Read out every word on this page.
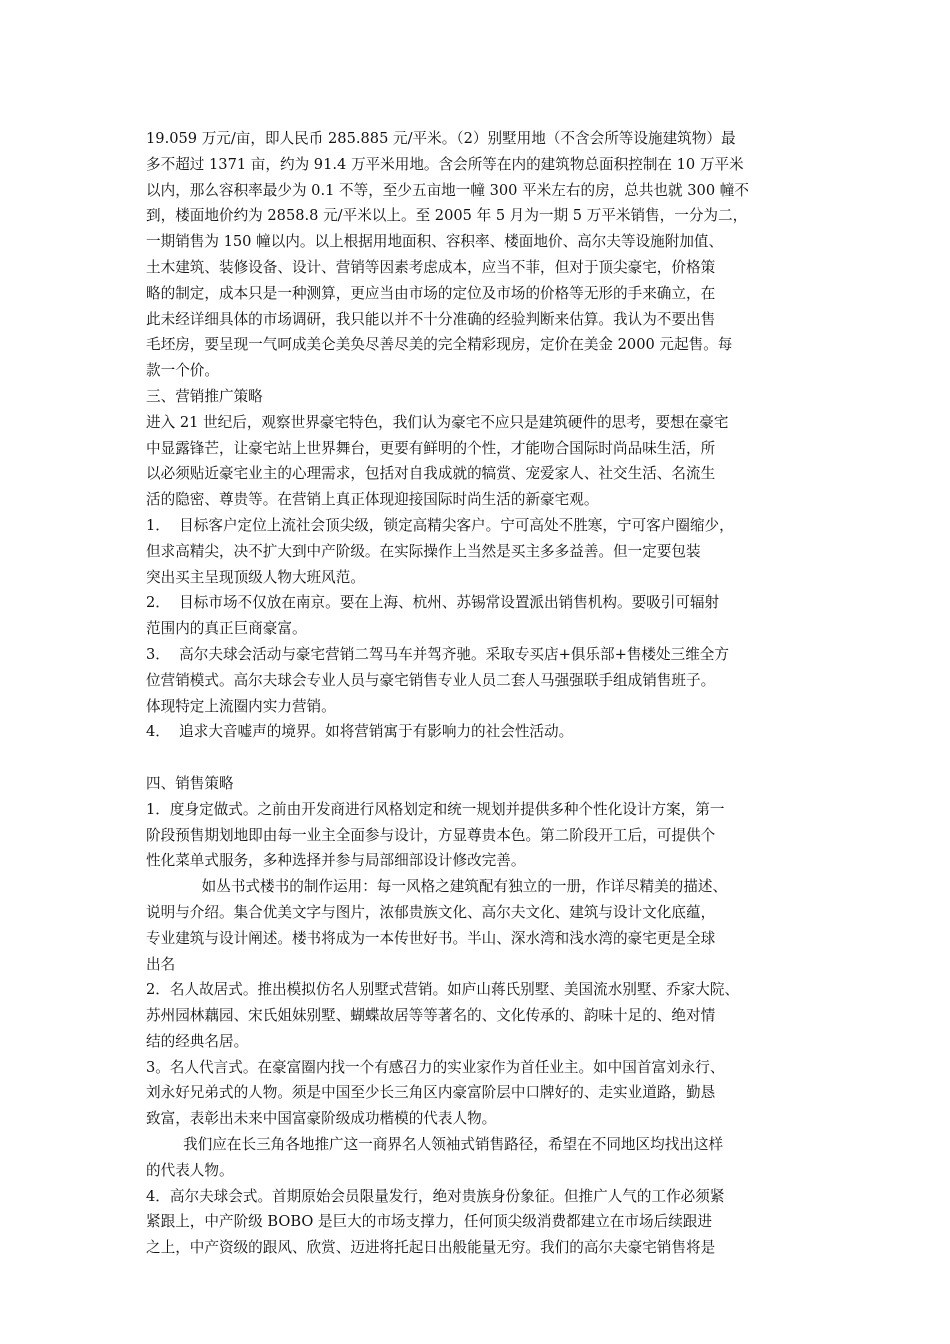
19.059 万元/亩，即人民币 285.885 元/平米。（2）别墅用地（不含会所等设施建筑物）最
多不超过 1371 亩，约为 91.4 万平米用地。含会所等在内的建筑物总面积控制在 10 万平米
以内，那么容积率最少为 0.1 不等，至少五亩地一幢 300 平米左右的房，总共也就 300 幢不
到，楼面地价约为 2858.8 元/平米以上。至 2005 年 5 月为一期 5 万平米销售，一分为二，
一期销售为 150 幢以内。以上根据用地面积、容积率、楼面地价、高尔夫等设施附加值、
土木建筑、装修设备、设计、营销等因素考虑成本，应当不菲，但对于顶尖豪宅，价格策
略的制定，成本只是一种测算，更应当由市场的定位及市场的价格等无形的手来确立，在
此未经详细具体的市场调研，我只能以并不十分准确的经验判断来估算。我认为不要出售
毛坯房，要呈现一气呵成美仑美奂尽善尽美的完全精彩现房，定价在美金 2000 元起售。每
款一个价。
三、营销推广策略
进入 21 世纪后，观察世界豪宅特色，我们认为豪宅不应只是建筑硬件的思考，要想在豪宅
中显露锋芒，让豪宅站上世界舞台，更要有鲜明的个性，才能吻合国际时尚品味生活，所
以必须贴近豪宅业主的心理需求，包括对自我成就的犒赏、宠爱家人、社交生活、名流生
活的隐密、尊贵等。在营销上真正体现迎接国际时尚生活的新豪宅观。
1．  目标客户定位上流社会顶尖级，锁定高精尖客户。宁可高处不胜寒，宁可客户圈缩少，
但求高精尖，决不扩大到中产阶级。在实际操作上当然是买主多多益善。但一定要包装
突出买主呈现顶级人物大班风范。
2．  目标市场不仅放在南京。要在上海、杭州、苏锡常设置派出销售机构。要吸引可辐射
范围内的真正巨商豪富。
3．  高尔夫球会活动与豪宅营销二驾马车并驾齐驰。采取专买店+俱乐部+售楼处三维全方
位营销模式。高尔夫球会专业人员与豪宅销售专业人员二套人马强强联手组成销售班子。
体现特定上流圈内实力营销。
4．  追求大音嘘声的境界。如将营销寓于有影响力的社会性活动。
四、销售策略
1．度身定做式。之前由开发商进行风格划定和统一规划并提供多种个性化设计方案，第一
阶段预售期划地即由每一业主全面参与设计，方显尊贵本色。第二阶段开工后，可提供个
性化菜单式服务，多种选择并参与局部细部设计修改完善。
如丛书式楼书的制作运用：每一风格之建筑配有独立的一册，作详尽精美的描述、
说明与介绍。集合优美文字与图片，浓郁贵族文化、高尔夫文化、建筑与设计文化底蕴，
专业建筑与设计阐述。楼书将成为一本传世好书。半山、深水湾和浅水湾的豪宅更是全球
出名
2．名人故居式。推出模拟仿名人别墅式营销。如庐山蒋氏别墅、美国流水别墅、乔家大院、
苏州园林藕园、宋氏姐妹别墅、蝴蝶故居等等著名的、文化传承的、韵味十足的、绝对情
结的经典名居。
3。名人代言式。在豪富圈内找一个有感召力的实业家作为首任业主。如中国首富刘永行、
刘永好兄弟式的人物。须是中国至少长三角区内豪富阶层中口牌好的、走实业道路，勤恳
致富，表彰出未来中国富豪阶级成功楷模的代表人物。
我们应在长三角各地推广这一商界名人领袖式销售路径，希望在不同地区均找出这样
的代表人物。
4．高尔夫球会式。首期原始会员限量发行，绝对贵族身份象征。但推广人气的工作必须紧
紧跟上，中产阶级 BOBO 是巨大的市场支撑力，任何顶尖级消费都建立在市场后续跟进
之上，中产资级的跟风、欣赏、迈进将托起日出般能量无穷。我们的高尔夫豪宅销售将是
